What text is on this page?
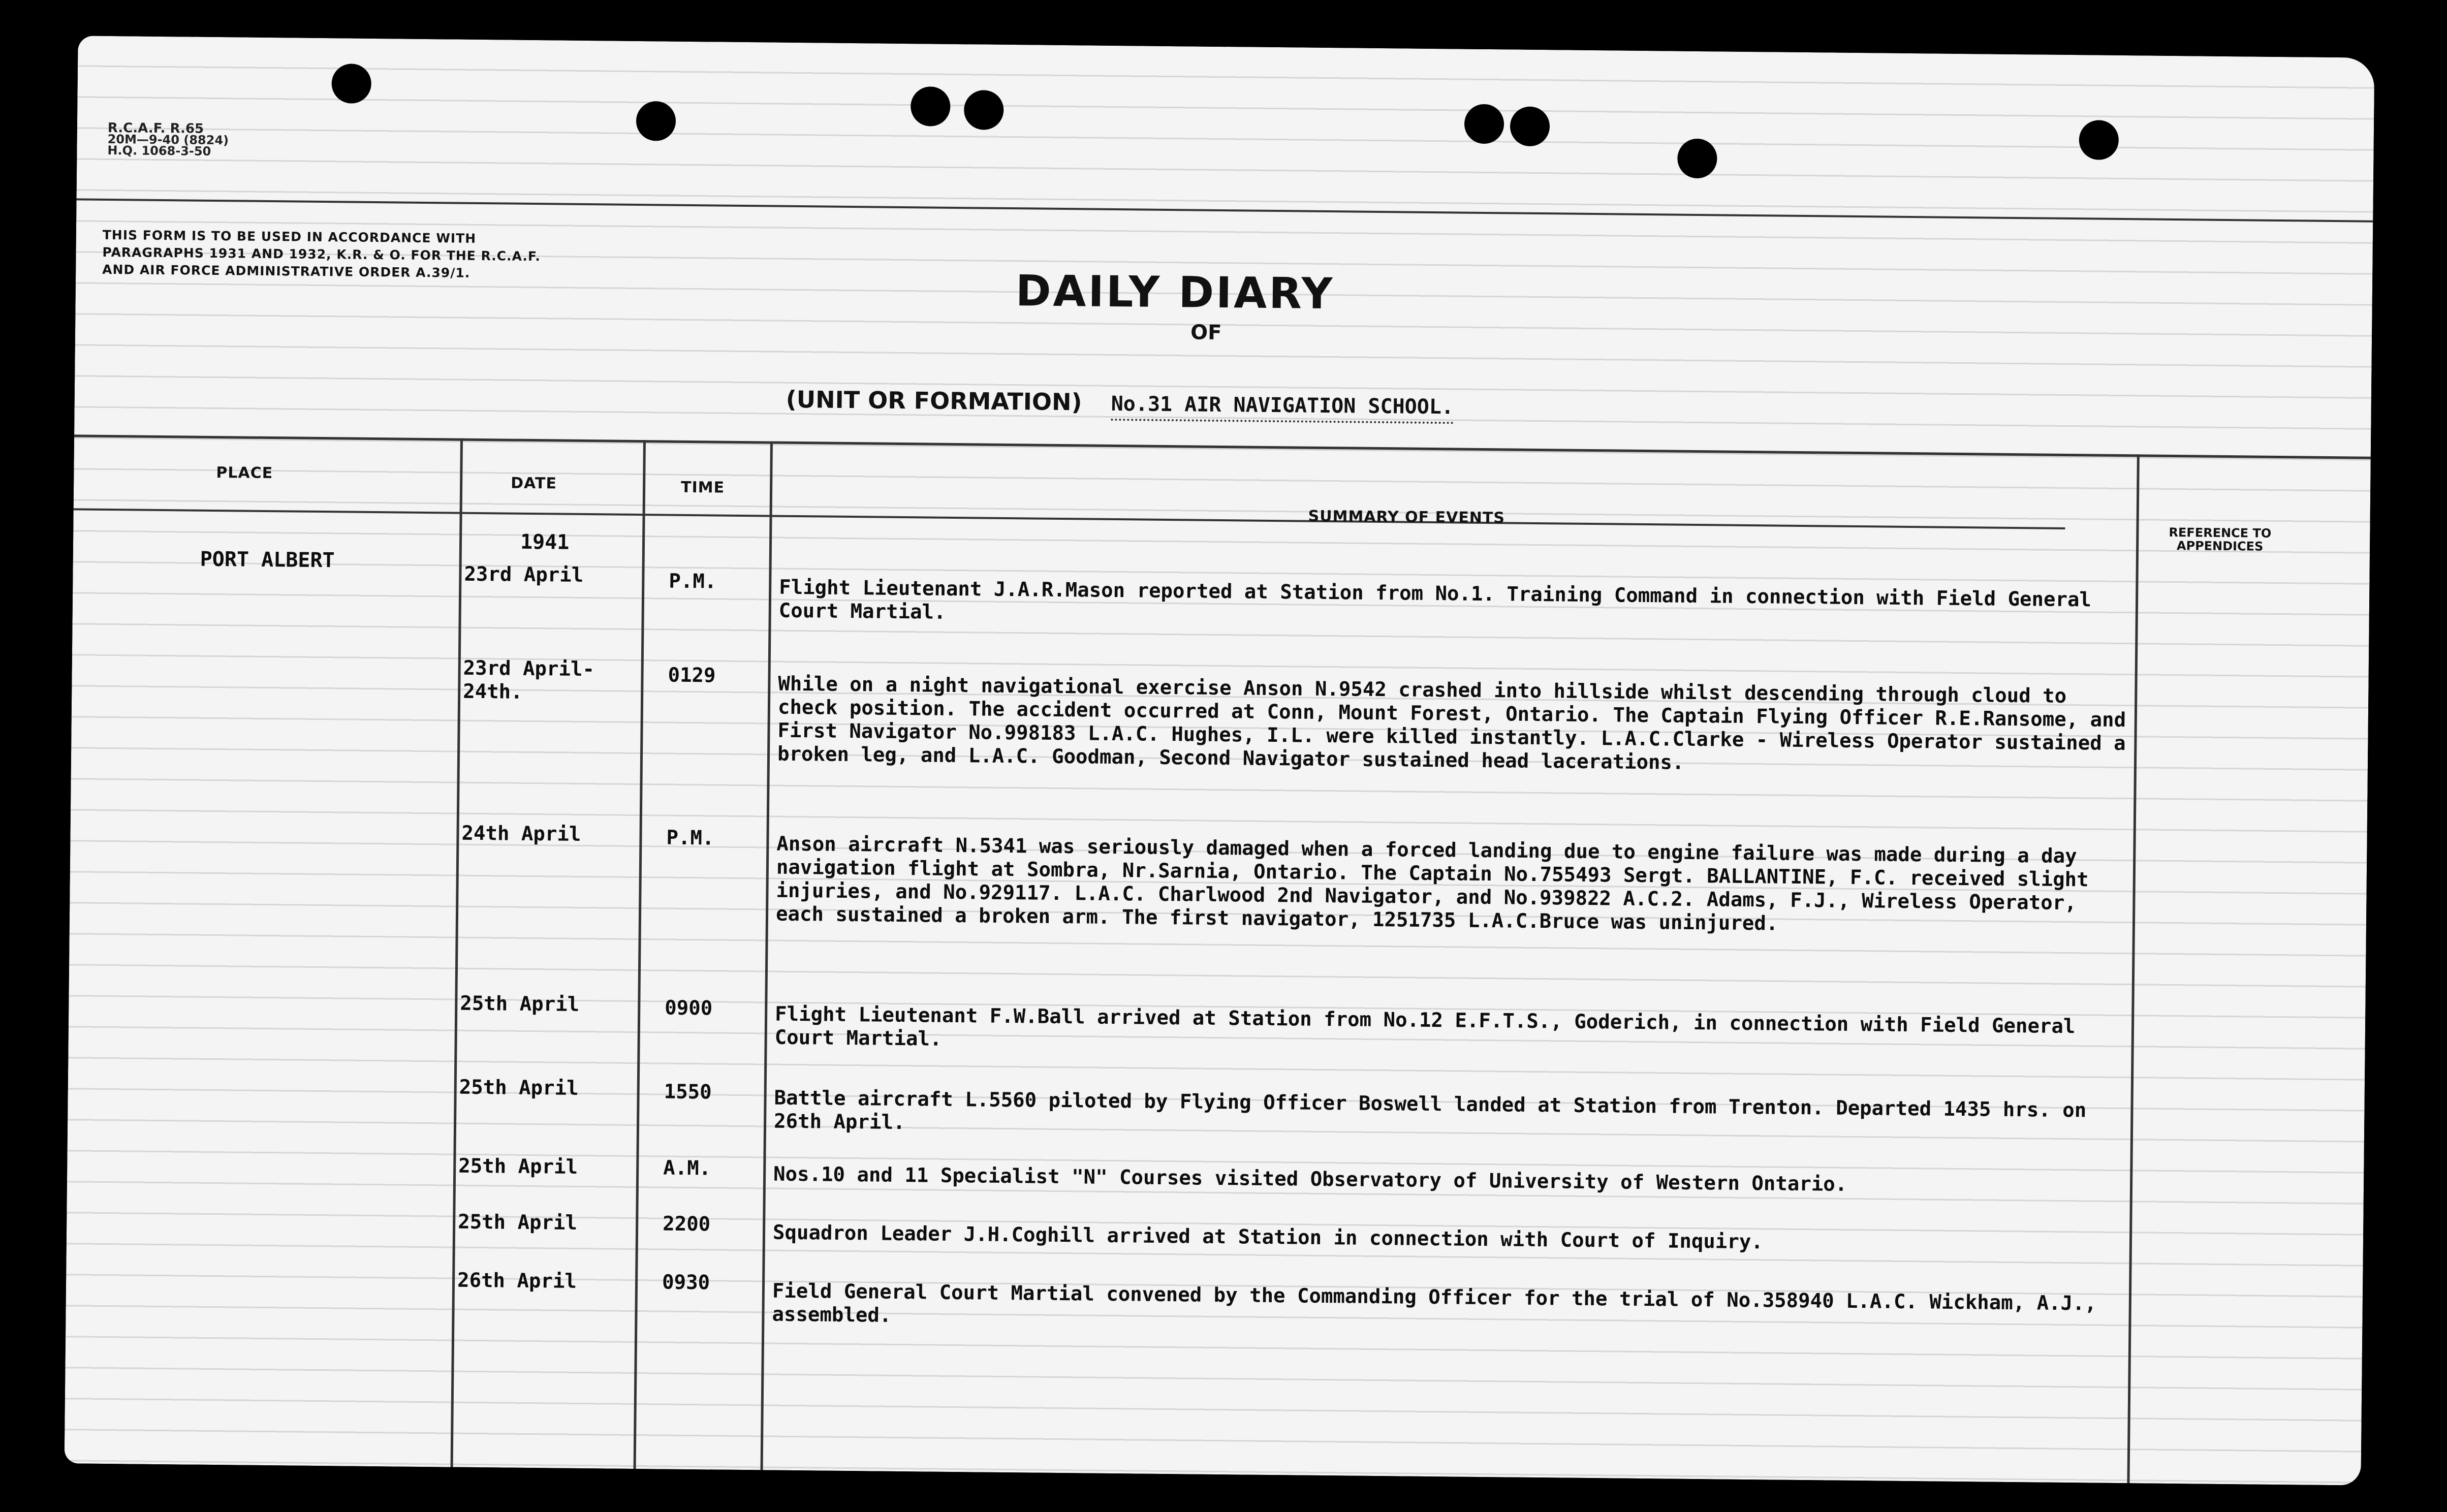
R.C.A.F. R.65
20M—9-40 (8824)
H.Q. 1068-3-50
THIS FORM IS TO BE USED IN ACCORDANCE WITH PARAGRAPHS 1931 AND 1932, K.R. & O. FOR THE R.C.A.F. AND AIR FORCE ADMINISTRATIVE ORDER A.39/1.	DAILY DIARY
OF
(UNIT OR FORMATION) No.31 AIR NAVIGATION SCHOOL.
PLACE
DATE	TIME
SUMMARY OF EVENTS
REFERENCE TO APPENDICES
PORT ALBERT
1941
23rd April	P.M.	Flight Lieutenant J.A.R.Mason reported at Station from No.1. Training Command in connection with Field General Court Martial.
23rd April-
24th.
0129	While on a night navigational exercise Anson N.9542 crashed into hillside whilst descending through cloud to check position. The accident occurred at Conn, Mount Forest, Ontario. The Captain Flying Officer R.E.Ransome, and First Navigator No.998183 L.A.C. Hughes, I.L. were killed instantly. L.A.C.Clarke - Wireless Operator sustained a broken leg, and L.A.C. Goodman, Second Navigator sustained head lacerations.
24th April	P.M.	Anson aircraft N.5341 was seriously damaged when a forced landing due to engine failure was made during a day navigation flight at Sombra, Nr.Sarnia, Ontario. The Captain No.755493 Sergt. BALLANTINE, F.C. received slight injuries, and No.929117. L.A.C. Charlwood 2nd Navigator, and No.939822 A.C.2. Adams, F.J., Wireless Operator, each sustained a broken arm. The first navigator, 1251735 L.A.C.Bruce was uninjured.
25th April	0900	Flight Lieutenant F.W.Ball arrived at Station from No.12 E.F.T.S., Goderich, in connection with Field General Court Martial.
25th April	1550	Battle aircraft L.5560 piloted by Flying Officer Boswell landed at Station from Trenton. Departed 1435 hrs. on 26th April.
25th April	A.M.	Nos.10 and 11 Specialist "N" Courses visited Observatory of University of Western Ontario.
25th April	2200	Squadron Leader J.H.Coghill arrived at Station in connection with Court of Inquiry.
26th April	0930	Field General Court Martial convened by the Commanding Officer for the trial of No.358940 L.A.C. Wickham, A.J., assembled.
